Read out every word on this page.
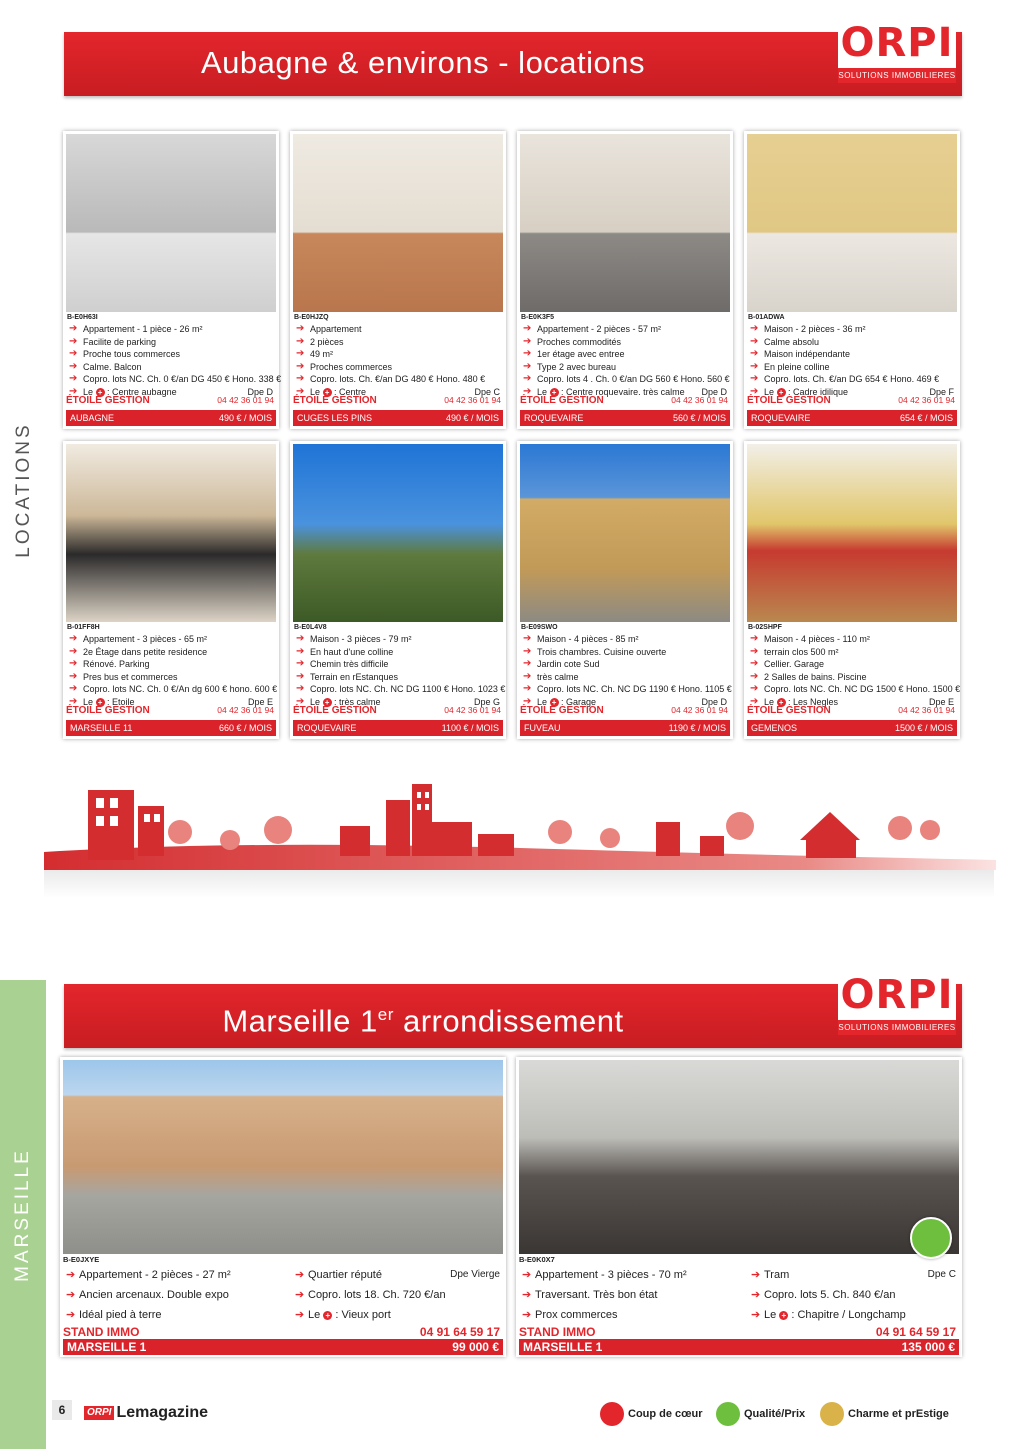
LOCATIONS
MARSEILLE
Aubagne & environs - locations	ORPI
SOLUTIONS IMMOBILIERES
B-E0H63I
➔ Appartement - 1 pièce - 26 m²
➔ Facilite de parking
➔ Proche tous commerces
➔ Calme. Balcon
➔ Copro. lots NC. Ch. 0 €/an DG 450 € Hono. 338 €
➔ Le + : Centre aubagne	Dpe D
ÉTOILE GESTION	04 42 36 01 94
AUBAGNE	490 € / MOIS
B-E0HJZQ
➔ Appartement
➔ 2 pièces
➔ 49 m²
➔ Proches commerces
➔ Copro. lots. Ch. €/an DG 480 € Hono. 480 €
➔ Le + : Centre	Dpe C
ÉTOILE GESTION	04 42 36 01 94
CUGES LES PINS	490 € / MOIS
B-E0K3F5
➔ Appartement - 2 pièces - 57 m²
➔ Proches commodités
➔ 1er étage avec entree
➔ Type 2 avec bureau
➔ Copro. lots 4 . Ch. 0 €/an DG 560 € Hono. 560 €
➔ Le + : Centre roquevaire. très calme Dpe D
ÉTOILE GESTION	04 42 36 01 94
ROQUEVAIRE	560 € / MOIS
B-01ADWA
➔ Maison - 2 pièces - 36 m²
➔ Calme absolu
➔ Maison indépendante
➔ En pleine colline
➔ Copro. lots. Ch. €/an DG 654 € Hono. 469 €
➔ Le + : Cadre idilique	Dpe F
ÉTOILE GESTION	04 42 36 01 94
ROQUEVAIRE	654 € / MOIS
B-01FF8H
➔ Appartement - 3 pièces - 65 m²
➔ 2e Étage dans petite residence
➔ Rénové. Parking
➔ Pres bus et commerces
➔ Copro. lots NC. Ch. 0 €/An dg 600 € hono. 600 €
➔ Le + : Etoile	Dpe E
ÉTOILE GESTION	04 42 36 01 94
MARSEILLE 11	660 € / MOIS
B-E0L4V8
➔ Maison - 3 pièces - 79 m²
➔ En haut d'une colline
➔ Chemin très difficile
➔ Terrain en rEstanques
➔ Copro. lots NC. Ch. NC DG 1100 € Hono. 1023 €
➔ Le + : très calme	Dpe G
ÉTOILE GESTION	04 42 36 01 94
ROQUEVAIRE	1100 € / MOIS
B-E09SWO
➔ Maison - 4 pièces - 85 m²
➔ Trois chambres. Cuisine ouverte
➔ Jardin cote Sud
➔ très calme
➔ Copro. lots NC. Ch. NC DG 1190 € Hono. 1105 €
➔ Le + : Garage	Dpe D
ÉTOILE GESTION	04 42 36 01 94
FUVEAU	1190 € / MOIS
B-02SHPF
➔ Maison - 4 pièces - 110 m²
➔ terrain clos 500 m²
➔ Cellier. Garage
➔ 2 Salles de bains. Piscine
➔ Copro. lots NC. Ch. NC DG 1500 € Hono. 1500 €
➔ Le + : Les Negles	Dpe E
ÉTOILE GESTION	04 42 36 01 94
GEMENOS	1500 € / MOIS
Marseille 1er arrondissement
ORPI
SOLUTIONS IMMOBILIERES
B-E0JXYE
➔ Appartement - 2 pièces - 27 m²
➔ Ancien arcenaux. Double expo
➔ Idéal pied à terre
➔ Quartier réputé
➔ Copro. lots 18. Ch. 720 €/an
➔ Le + : Vieux port
Dpe Vierge
STAND IMMO	04 91 64 59 17
MARSEILLE 1	99 000 €
B-E0K0X7
➔ Appartement - 3 pièces - 70 m²
➔ Traversant. Très bon état
➔ Prox commerces
➔ Tram
➔ Copro. lots 5. Ch. 840 €/an
➔ Le + : Chapitre / Longchamp
Dpe C
STAND IMMO	04 91 64 59 17
MARSEILLE 1	135 000 €
6	ORPI Lemagazine	Coup de cœur	Qualité/Prix	Charme et prEstige
